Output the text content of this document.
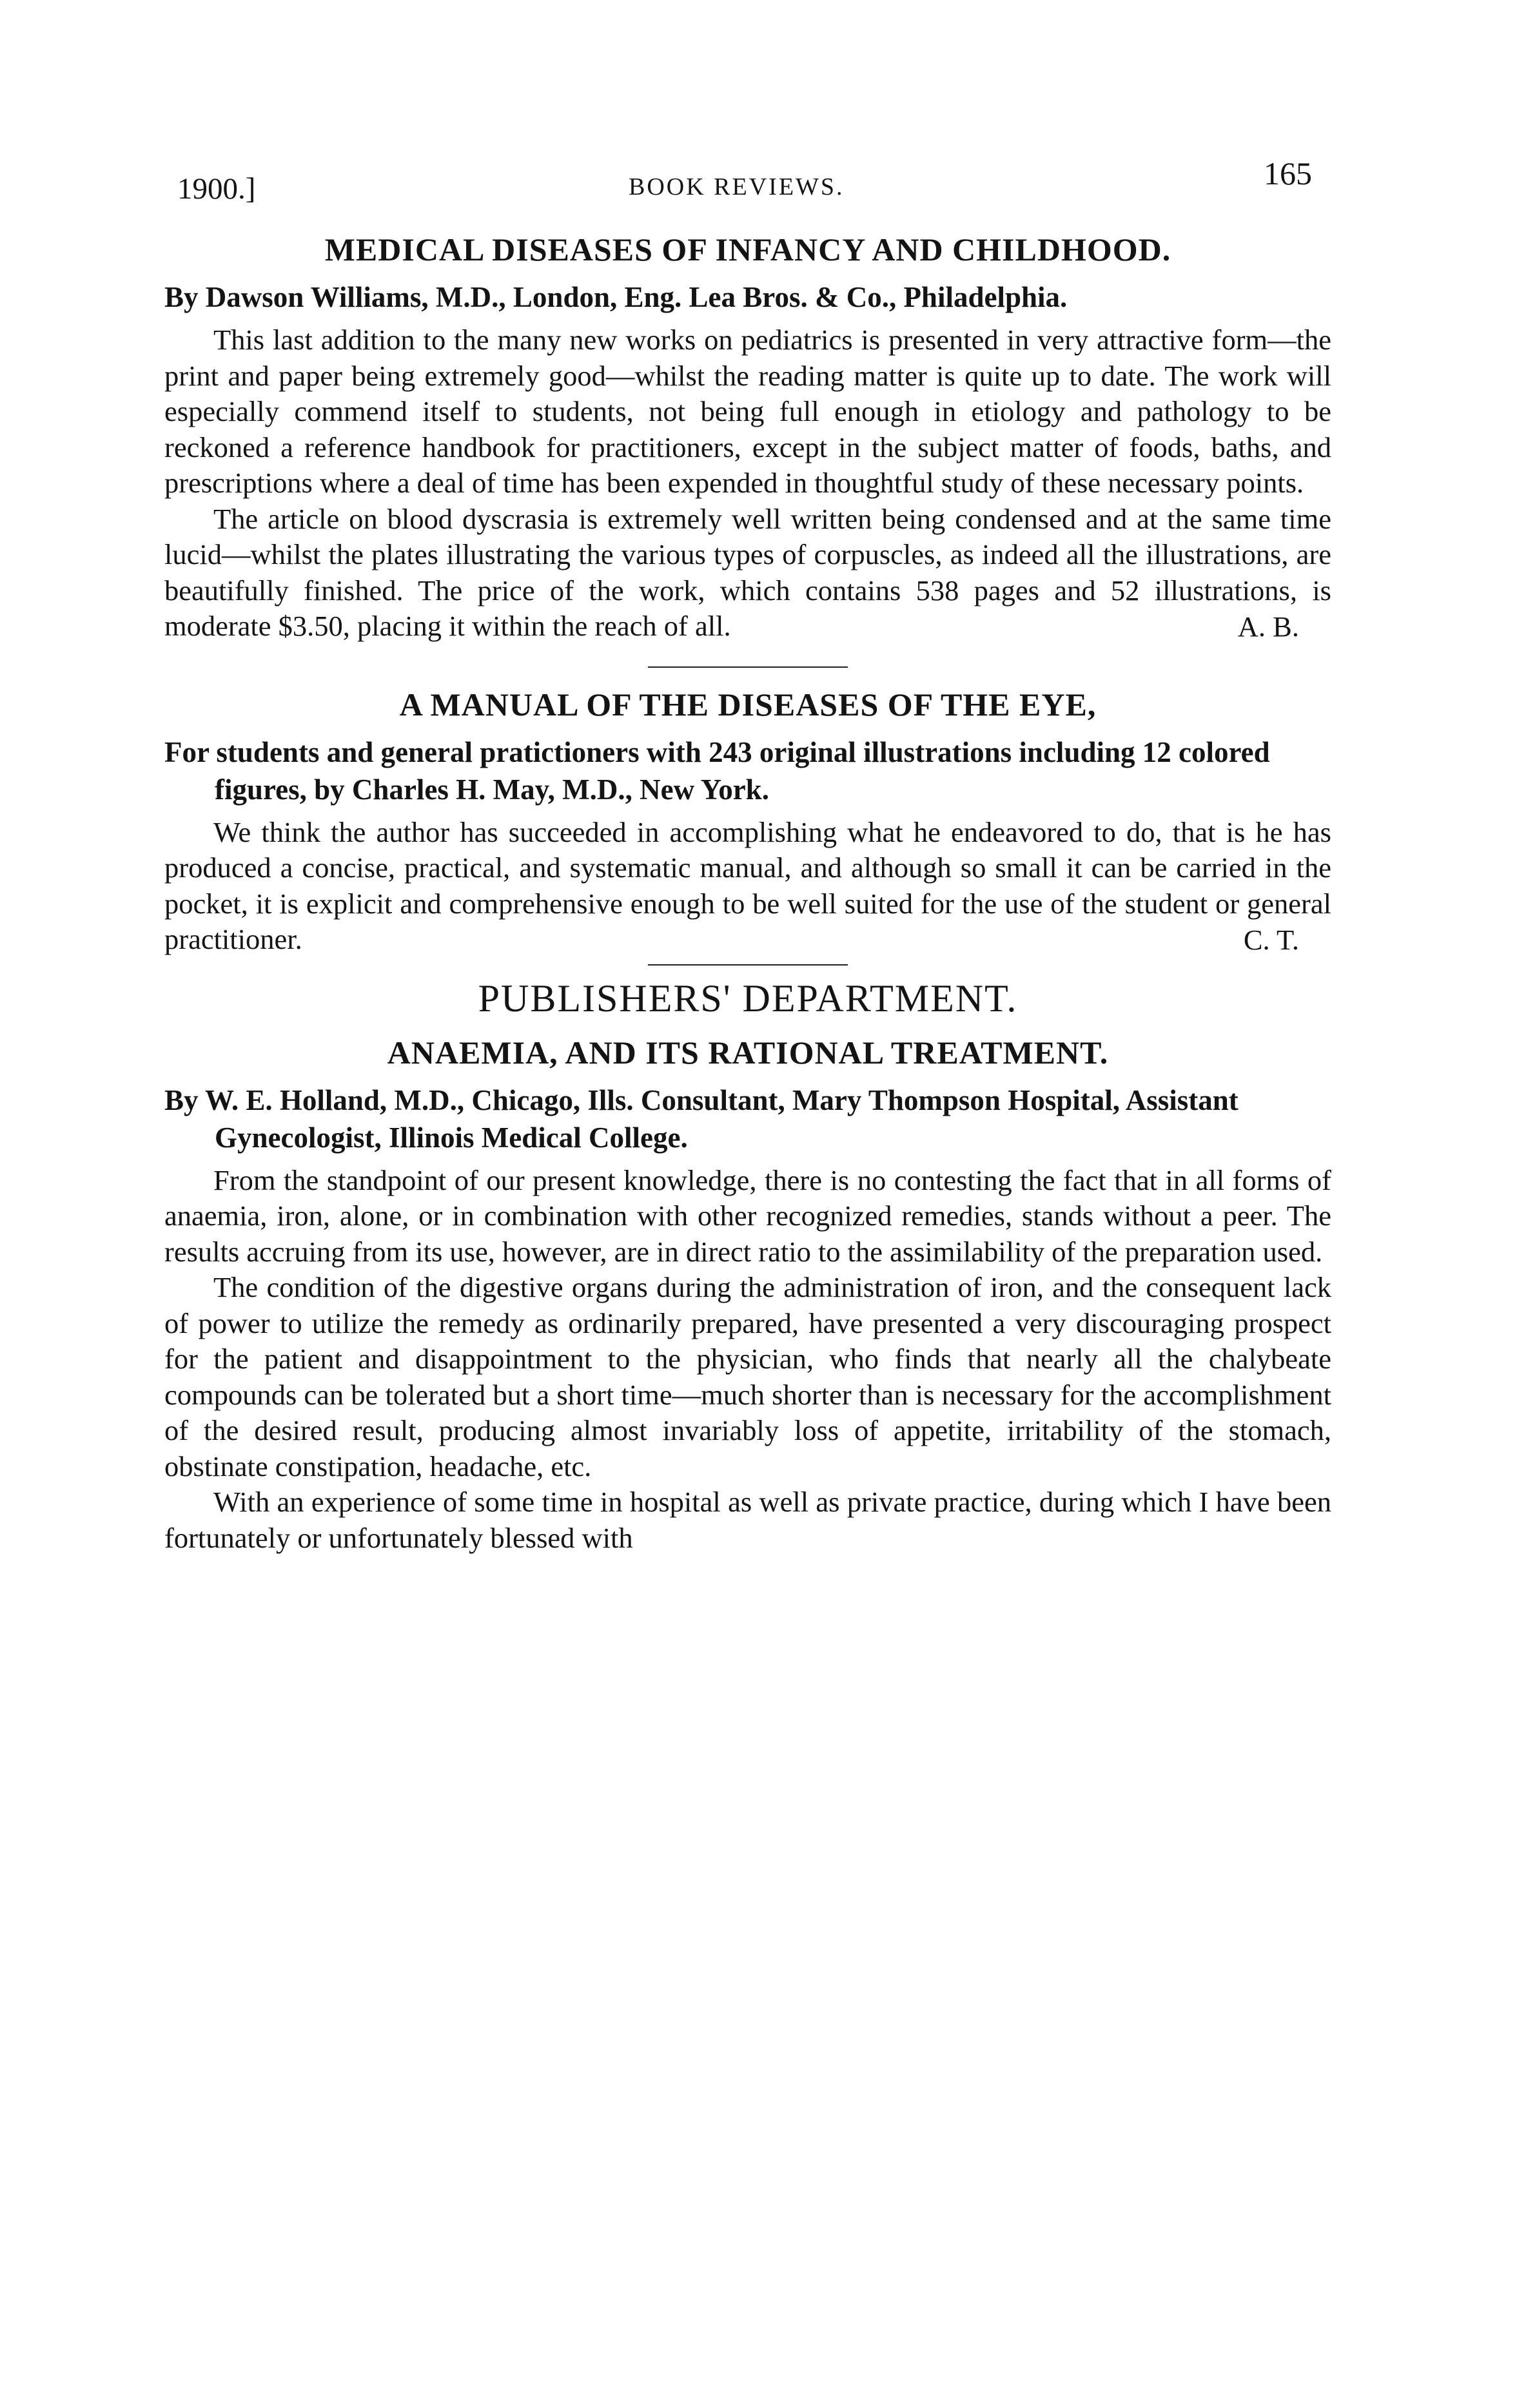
1900.]	BOOK REVIEWS.	165
MEDICAL DISEASES OF INFANCY AND CHILDHOOD.
By Dawson Williams, M.D., London, Eng. Lea Bros. & Co., Philadelphia.

This last addition to the many new works on pediatrics is presented in very attractive form—the print and paper being extremely good—whilst the reading matter is quite up to date. The work will especially commend itself to students, not being full enough in etiology and pathology to be reckoned a reference handbook for practitioners, except in the subject matter of foods, baths, and prescriptions where a deal of time has been expended in thoughtful study of these necessary points.

The article on blood dyscrasia is extremely well written being condensed and at the same time lucid—whilst the plates illustrating the various types of corpuscles, as indeed all the illustrations, are beautifully finished. The price of the work, which contains 538 pages and 52 illustrations, is moderate $3.50, placing it within the reach of all.	A. B.
A MANUAL OF THE DISEASES OF THE EYE,
For students and general pratictioners with 243 original illustrations including 12 colored figures, by Charles H. May, M.D., New York.

We think the author has succeeded in accomplishing what he endeavored to do, that is he has produced a concise, practical, and systematic manual, and although so small it can be carried in the pocket, it is explicit and comprehensive enough to be well suited for the use of the student or general practitioner.	C. T.
PUBLISHERS' DEPARTMENT.
ANAEMIA, AND ITS RATIONAL TREATMENT.
By W. E. Holland, M.D., Chicago, Ills. Consultant, Mary Thompson Hospital, Assistant Gynecologist, Illinois Medical College.

From the standpoint of our present knowledge, there is no contesting the fact that in all forms of anaemia, iron, alone, or in combination with other recognized remedies, stands without a peer. The results accruing from its use, however, are in direct ratio to the assimilability of the preparation used.

The condition of the digestive organs during the administration of iron, and the consequent lack of power to utilize the remedy as ordinarily prepared, have presented a very discouraging prospect for the patient and disappointment to the physician, who finds that nearly all the chalybeate compounds can be tolerated but a short time—much shorter than is necessary for the accomplishment of the desired result, producing almost invariably loss of appetite, irritability of the stomach, obstinate constipation, headache, etc.

With an experience of some time in hospital as well as private practice, during which I have been fortunately or unfortunately blessed with
